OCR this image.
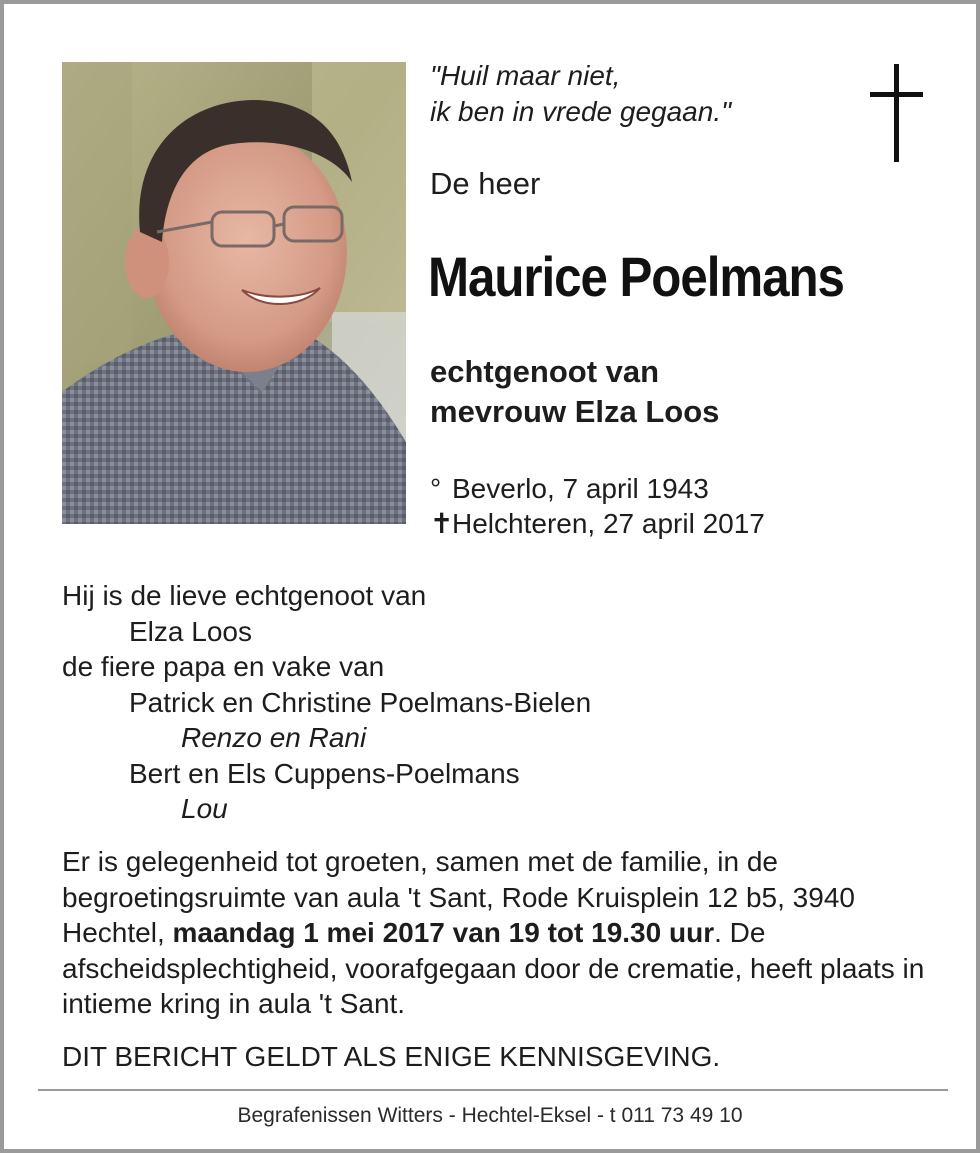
"Huil maar niet,
ik ben in vrede gegaan."
De heer
Maurice Poelmans
echtgenoot van
mevrouw Elza Loos
° Beverlo, 7 april 1943
✝Helchteren, 27 april 2017
Hij is de lieve echtgenoot van
Elza Loos
de fiere papa en vake van
Patrick en Christine Poelmans-Bielen
Renzo en Rani
Bert en Els Cuppens-Poelmans
Lou
Er is gelegenheid tot groeten, samen met de familie, in de begroetingsruimte van aula 't Sant, Rode Kruisplein 12 b5, 3940 Hechtel, maandag 1 mei 2017 van 19 tot 19.30 uur. De afscheidsplechtigheid, voorafgegaan door de crematie, heeft plaats in intieme kring in aula 't Sant.
DIT BERICHT GELDT ALS ENIGE KENNISGEVING.
Begrafenissen Witters - Hechtel-Eksel - t 011 73 49 10
